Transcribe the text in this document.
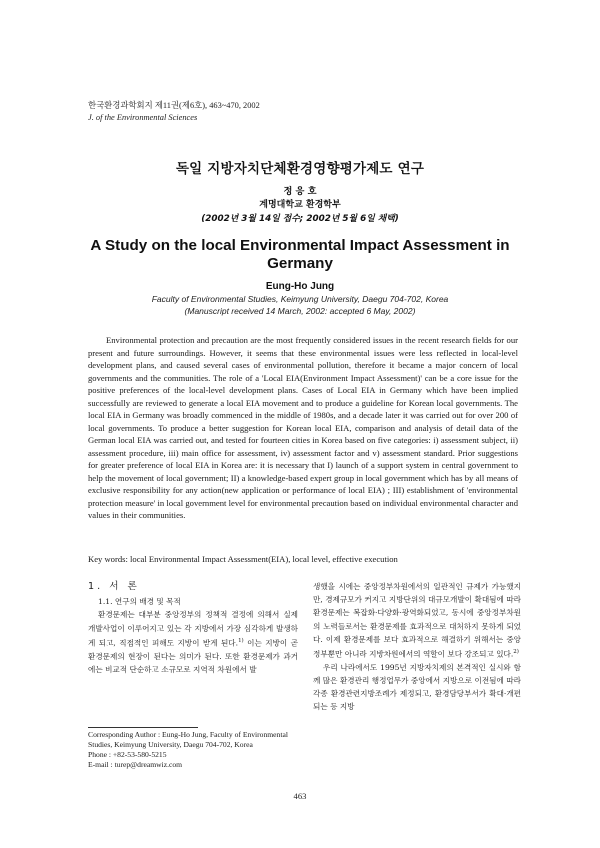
한국환경과학회지 제11권(제6호), 463~470, 2002
J. of the Environmental Sciences
독일 지방자치단체환경영향평가제도 연구
정 응 호
계명대학교 환경학부
(2002년 3월 14일 접수; 2002년 5월 6일 채택)
A Study on the local Environmental Impact Assessment in Germany
Eung-Ho Jung
Faculty of Environmental Studies, Keimyung University, Daegu 704-702, Korea
(Manuscript received 14 March, 2002: accepted 6 May, 2002)

Environmental protection and precaution are the most frequently considered issues in the recent research fields for our present and future surroundings. However, it seems that these environmental issues were less reflected in local-level development plans, and caused several cases of environmental pollution, therefore it became a major concern of local governments and the communities. The role of a 'Local EIA(Environment Impact Assessment)' can be a core issue for the positive preferences of the local-level development plans. Cases of Local EIA in Germany which have been implied successfully are reviewed to generate a local EIA movement and to produce a guideline for Korean local governments. The local EIA in Germany was broadly commenced in the middle of 1980s, and a decade later it was carried out for over 200 of local governments. To produce a better suggestion for Korean local EIA, comparison and analysis of detail data of the German local EIA was carried out, and tested for fourteen cities in Korea based on five categories: i) assessment subject, ii) assessment procedure, iii) main office for assessment, iv) assessment factor and v) assessment standard. Prior suggestions for greater preference of local EIA in Korea are: it is necessary that I) launch of a support system in central government to help the movement of local government; II) a knowledge-based expert group in local government which has by all means of exclusive responsibility for any action(new application or performance of local EIA) ; III) establishment of 'environmental protection measure' in local government level for environmental precaution based on individual environmental character and values in their communities.

Key words: local Environmental Impact Assessment(EIA), local level, effective execution
1. 서 론
1.1. 연구의 배경 및 목적

환경문제는 대부분 중앙정부의 정책적 결정에 의해서 실제 개발사업이 이루어지고 있는 각 지방에서 가장 심각하게 발생하게 되고, 직접적인 피해도 지방이 받게 된다.$^{1)}$ 이는 지방이 곧 환경문제의 현장이 된다는 의미가 된다. 또한 환경문제가 과거에는 비교적 단순하고 소규모로 지역적 차원에서 발

생했을 시에는 중앙정부차원에서의 일관적인 규제가 가능했지만, 경제규모가 커지고 지방단위의 대규모개발이 확대됨에 따라 환경문제는 복잡화·다양화·광역화되었고, 동시에 중앙정부차원의 노력들로서는 환경문제를 효과적으로 대처하지 못하게 되었다. 이제 환경문제를 보다 효과적으로 해결하기 위해서는 중앙정부뿐만 아니라 지방차원에서의 역할이 보다 강조되고 있다.$^{2)}$

우리 나라에서도 1995년 지방자치제의 본격적인 실시와 함께 많은 환경관리 행정업무가 중앙에서 지방으로 이전됨에 따라 각종 환경관련지방조례가 제정되고, 환경담당부서가 확대·개편되는 등 지방

Corresponding Author : Eung-Ho Jung, Faculty of Environmental Studies, Keimyung University, Daegu 704-702, Korea
Phone : +82-53-580-5215
E-mail : turep@dreamwiz.com
463
